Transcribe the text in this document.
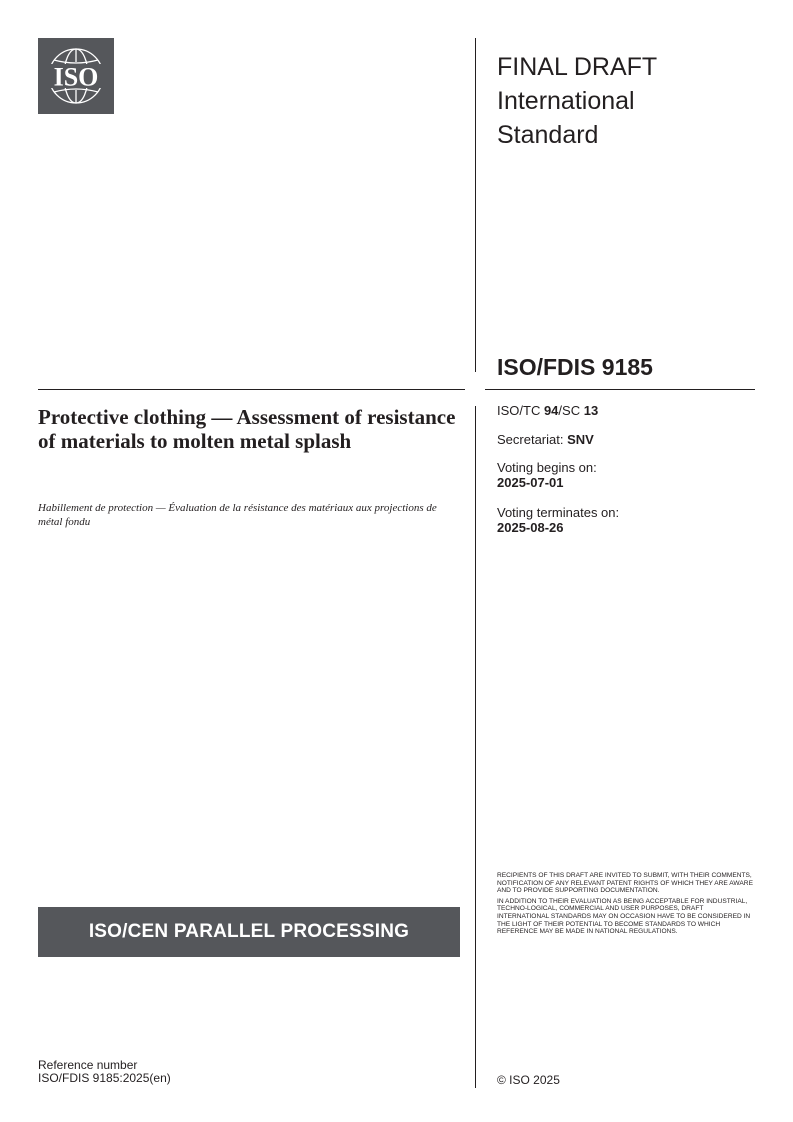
ISO	FINAL DRAFT
International
Standard
ISO/FDIS 9185
Protective clothing — Assessment of resistance of materials to molten metal splash
Habillement de protection — Évaluation de la résistance des matériaux aux projections de métal fondu
ISO/TC 94/SC 13
Secretariat: SNV
Voting begins on:
2025-07-01
Voting terminates on:
2025-08-26
ISO/CEN PARALLEL PROCESSING

RECIPIENTS OF THIS DRAFT ARE INVITED TO SUBMIT, WITH THEIR COMMENTS, NOTIFICATION OF ANY RELEVANT PATENT RIGHTS OF WHICH THEY ARE AWARE AND TO PROVIDE SUPPORTING DOCUMENTATION.

IN ADDITION TO THEIR EVALUATION AS BEING ACCEPTABLE FOR INDUSTRIAL, TECHNO-LOGICAL, COMMERCIAL AND USER PURPOSES, DRAFT INTERNATIONAL STANDARDS MAY ON OCCASION HAVE TO BE CONSIDERED IN THE LIGHT OF THEIR POTENTIAL TO BECOME STANDARDS TO WHICH REFERENCE MAY BE MADE IN NATIONAL REGULATIONS.

Reference number
ISO/FDIS 9185:2025(en)	© ISO 2025
